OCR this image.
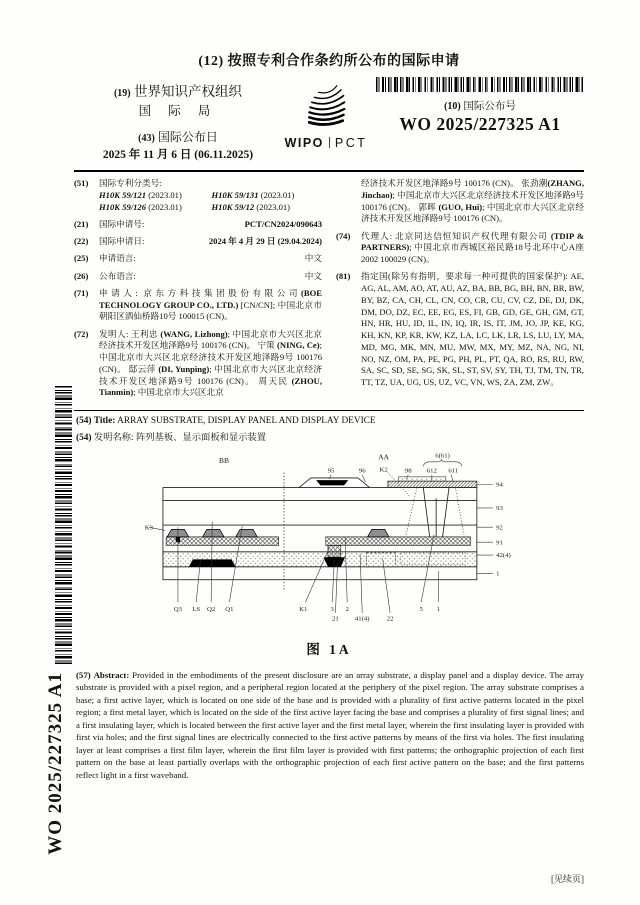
WO 2025/227325 A1
(12) 按照专利合作条约所公布的国际申请
(19) 世界知识产权组织
国 际 局
(43) 国际公布日
2025 年 11 月 6 日 (06.11.2025)
WIPO PCT
(10) 国际公布号
WO 2025/227325 A1
(51) 国际专利分类号:
H10K 59/121 (2023.01)	H10K 59/131 (2023.01)
H10K 59/126 (2023.01)	H10K 59/12 (2023.01)
(21) 国际申请号:	PCT/CN2024/090643
(22) 国际申请日:	2024 年 4 月 29 日 (29.04.2024)
(25) 申请语言:	中文
(26) 公布语言:	中文
(71) 申请人: 京东方科技集团股份有限公司(BOE TECHNOLOGY GROUP CO., LTD.) [CN/CN]; 中国北京市朝阳区酒仙桥路10号 100015 (CN)。
(72) 发明人: 王利忠 (WANG, Lizhong); 中国北京市大兴区北京经济技术开发区地泽路9号 100176 (CN)。 宁策 (NING, Ce); 中国北京市大兴区北京经济技术开发区地泽路9号 100176 (CN)。 邸云萍 (DI, Yunping); 中国北京市大兴区北京经济技术开发区地泽路9号 100176 (CN)。 周天民 (ZHOU, Tianmin); 中国北京市大兴区北京
经济技术开发区地泽路9号 100176 (CN)。 张劲潮(ZHANG, Jinchao); 中国北京市大兴区北京经济技术开发区地泽路9号 100176 (CN)。 郭晖 (GUO, Hui); 中国北京市大兴区北京经济技术开发区地泽路9号 100176 (CN)。
(74) 代理人: 北京同达信恒知识产权代理有限公司 (TDIP & PARTNERS); 中国北京市西城区裕民路18号北环中心A座2002 100029 (CN)。
(81) 指定国(除另有指明，要求每一种可提供的国家保护): AE, AG, AL, AM, AO, AT, AU, AZ, BA, BB, BG, BH, BN, BR, BW, BY, BZ, CA, CH, CL, CN, CO, CR, CU, CV, CZ, DE, DJ, DK, DM, DO, DZ, EC, EE, EG, ES, FI, GB, GD, GE, GH, GM, GT, HN, HR, HU, ID, IL, IN, IQ, IR, IS, IT, JM, JO, JP, KE, KG, KH, KN, KP, KR, KW, KZ, LA, LC, LK, LR, LS, LU, LY, MA, MD, MG, MK, MN, MU, MW, MX, MY, MZ, NA, NG, NI, NO, NZ, OM, PA, PE, PG, PH, PL, PT, QA, RO, RS, RU, RW, SA, SC, SD, SE, SG, SK, SL, ST, SV, SY, TH, TJ, TM, TN, TR, TT, TZ, UA, UG, US, UZ, VC, VN, WS, ZA, ZM, ZW。
(54) Title: ARRAY SUBSTRATE, DISPLAY PANEL AND DISPLAY DEVICE
(54) 发明名称: 阵列基板、显示面板和显示装置
BB	AA	6(61)
95	96 K2	98 612 611
K3
94
93
92
91
42(4)
1
Q3 LS Q2 Q1	K1	3
21
2
41(4)	22
5 1
图 1A
(57) Abstract: Provided in the embodiments of the present disclosure are an array substrate, a display panel and a display device. The array substrate is provided with a pixel region, and a peripheral region located at the periphery of the pixel region. The array substrate comprises a base; a first active layer, which is located on one side of the base and is provided with a plurality of first active patterns located in the pixel region; a first metal layer, which is located on the side of the first active layer facing the base and comprises a plurality of first signal lines; and a first insulating layer, which is located between the first active layer and the first metal layer, wherein the first insulating layer is provided with first via holes; and the first signal lines are electrically connected to the first active patterns by means of the first via holes. The first insulating layer at least comprises a first film layer, wherein the first film layer is provided with first patterns; the orthographic projection of each first pattern on the base at least partially overlaps with the orthographic projection of each first active pattern on the base; and the first patterns reflect light in a first waveband.
[见续页]
